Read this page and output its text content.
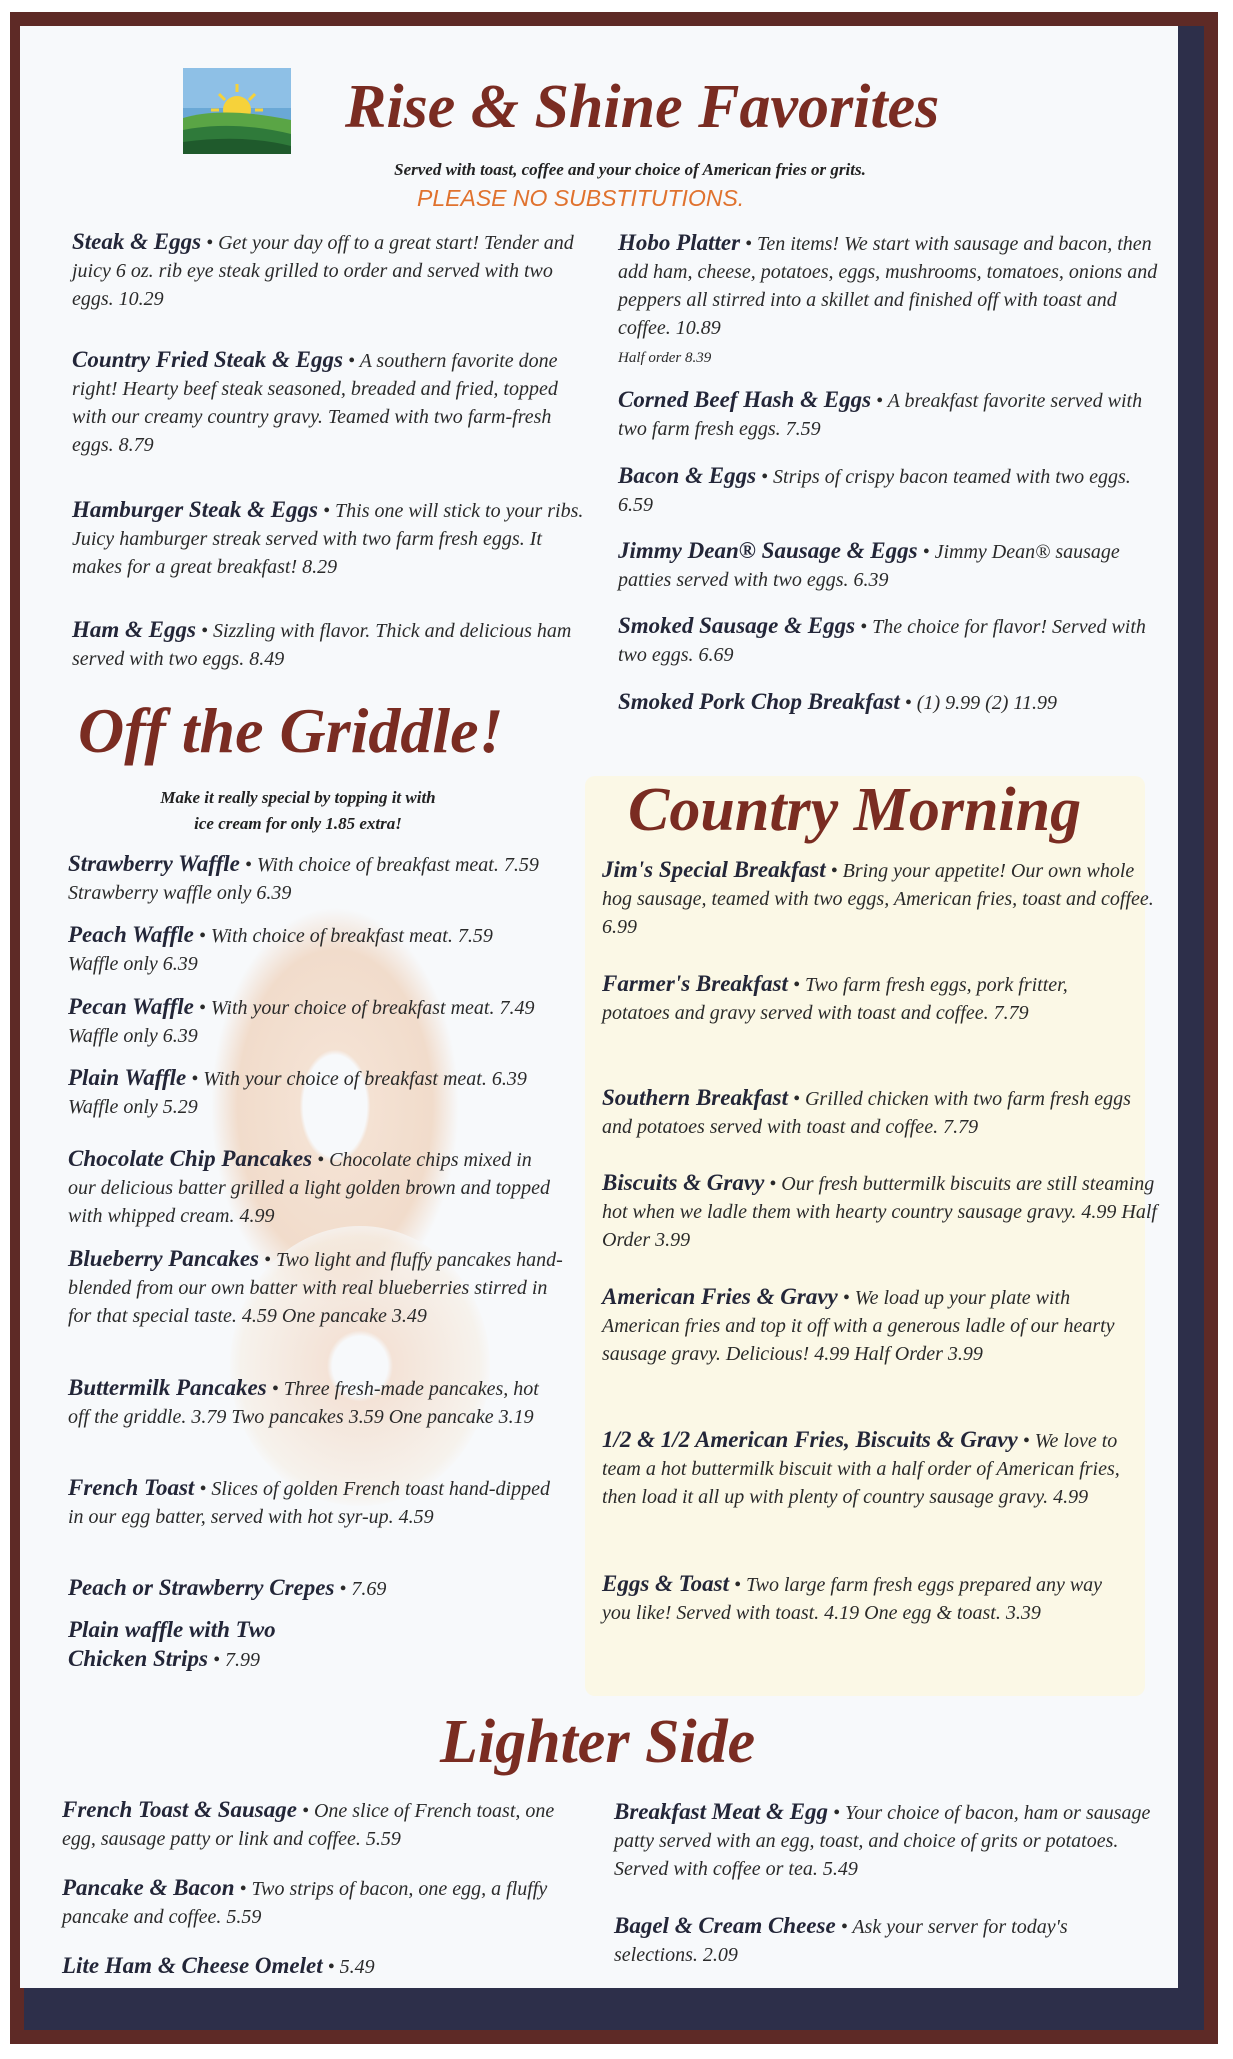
Rise & Shine Favorites
Served with toast, coffee and your choice of American fries or grits.
PLEASE NO SUBSTITUTIONS.
Steak & Eggs • Get your day off to a great start! Tender and juicy 6 oz. rib eye steak grilled to order and served with two eggs. 10.29
Country Fried Steak & Eggs • A southern favorite done right! Hearty beef steak seasoned, breaded and fried, topped with our creamy country gravy. Teamed with two farm-fresh eggs. 8.79
Hamburger Steak & Eggs • This one will stick to your ribs. Juicy hamburger streak served with two farm fresh eggs. It makes for a great breakfast! 8.29
Ham & Eggs • Sizzling with flavor. Thick and delicious ham served with two eggs. 8.49
Hobo Platter • Ten items! We start with sausage and bacon, then add ham, cheese, potatoes, eggs, mushrooms, tomatoes, onions and peppers all stirred into a skillet and finished off with toast and coffee. 10.89
Half order 8.39
Corned Beef Hash & Eggs • A breakfast favorite served with two farm fresh eggs. 7.59
Bacon & Eggs • Strips of crispy bacon teamed with two eggs. 6.59
Jimmy Dean® Sausage & Eggs • Jimmy Dean® sausage patties served with two eggs. 6.39
Smoked Sausage & Eggs • The choice for flavor! Served with two eggs. 6.69
Smoked Pork Chop Breakfast • (1) 9.99 (2) 11.99
Off the Griddle!
Make it really special by topping it with
ice cream for only 1.85 extra!
Strawberry Waffle • With choice of breakfast meat. 7.59 Strawberry waffle only 6.39
Peach Waffle • With choice of breakfast meat. 7.59 Waffle only 6.39
Pecan Waffle • With your choice of breakfast meat. 7.49 Waffle only 6.39
Plain Waffle • With your choice of breakfast meat. 6.39 Waffle only 5.29
Chocolate Chip Pancakes • Chocolate chips mixed in our delicious batter grilled a light golden brown and topped with whipped cream. 4.99
Blueberry Pancakes • Two light and fluffy pancakes hand-blended from our own batter with real blueberries stirred in for that special taste. 4.59 One pancake 3.49
Buttermilk Pancakes • Three fresh-made pancakes, hot off the griddle. 3.79 Two pancakes 3.59 One pancake 3.19
French Toast • Slices of golden French toast hand-dipped in our egg batter, served with hot syr-up. 4.59
Peach or Strawberry Crepes • 7.69
Plain waffle with Two Chicken Strips • 7.99
Country Morning
Jim's Special Breakfast • Bring your appetite! Our own whole hog sausage, teamed with two eggs, American fries, toast and coffee. 6.99
Farmer's Breakfast • Two farm fresh eggs, pork fritter, potatoes and gravy served with toast and coffee. 7.79
Southern Breakfast • Grilled chicken with two farm fresh eggs and potatoes served with toast and coffee. 7.79
Biscuits & Gravy • Our fresh buttermilk biscuits are still steaming hot when we ladle them with hearty country sausage gravy. 4.99 Half Order 3.99
American Fries & Gravy • We load up your plate with American fries and top it off with a generous ladle of our hearty sausage gravy. Delicious! 4.99 Half Order 3.99
1/2 & 1/2 American Fries, Biscuits & Gravy • We love to team a hot buttermilk biscuit with a half order of American fries, then load it all up with plenty of country sausage gravy. 4.99
Eggs & Toast • Two large farm fresh eggs prepared any way you like! Served with toast. 4.19 One egg & toast. 3.39
Lighter Side
French Toast & Sausage • One slice of French toast, one egg, sausage patty or link and coffee. 5.59
Pancake & Bacon • Two strips of bacon, one egg, a fluffy pancake and coffee. 5.59
Lite Ham & Cheese Omelet • 5.49
Breakfast Meat & Egg • Your choice of bacon, ham or sausage patty served with an egg, toast, and choice of grits or potatoes. Served with coffee or tea. 5.49
Bagel & Cream Cheese • Ask your server for today's selections. 2.09
